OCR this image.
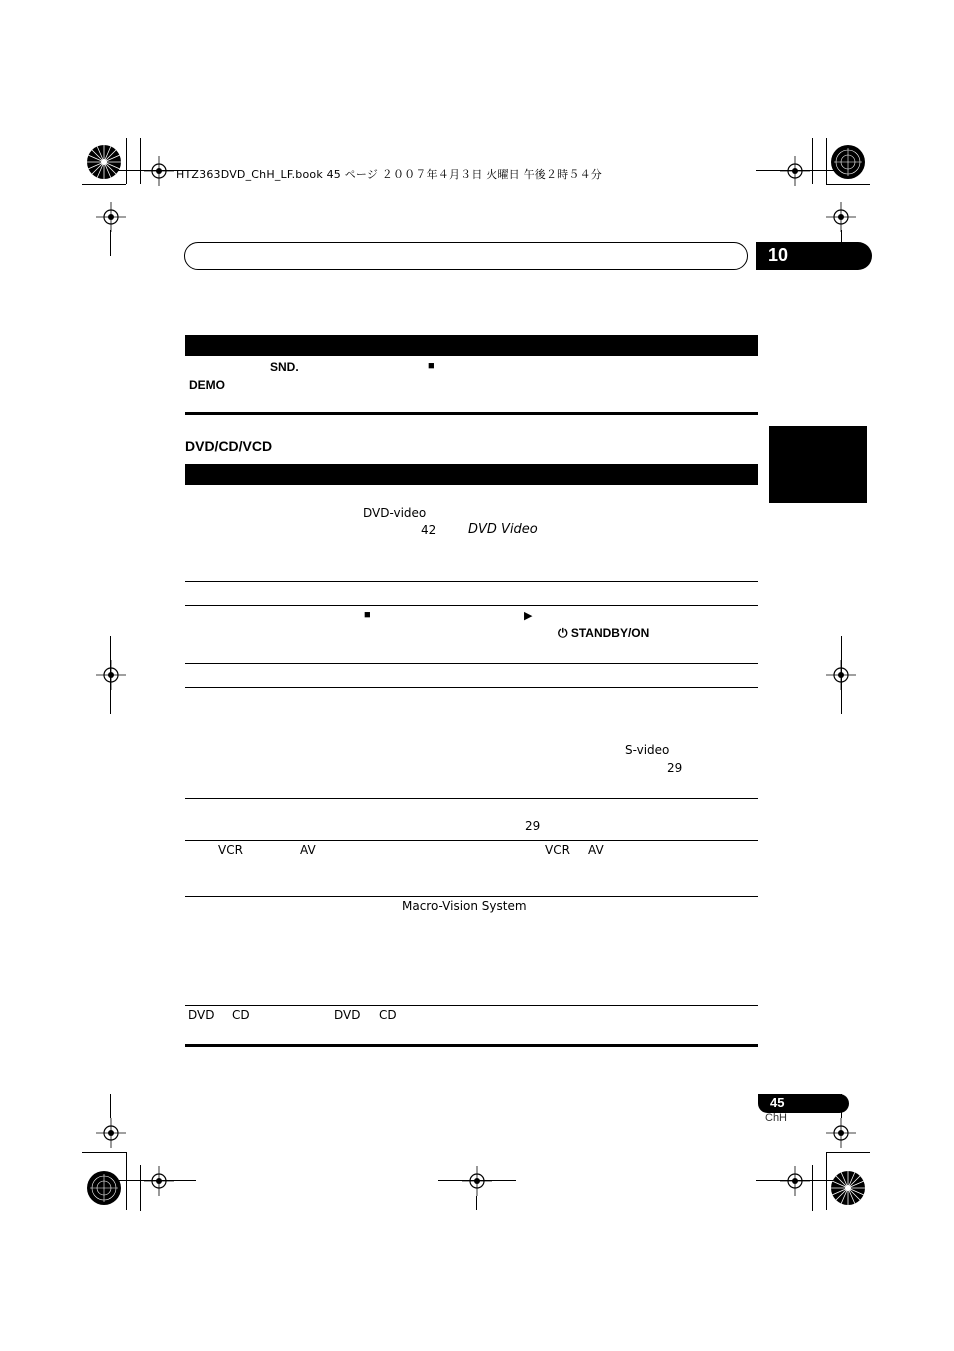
HTZ363DVD_ChH_LF.book 45 ページ ２００７年４月３日 火曜日 午後２時５４分
10
SND.	■
DEMO
DVD/CD/VCD
DVD-video
42 DVD Video
■	▶
⏻ STANDBY/ON
S-video
29
29
VCR	AV	VCR AV
Macro-Vision System
DVD CD	DVD CD
45
ChH
